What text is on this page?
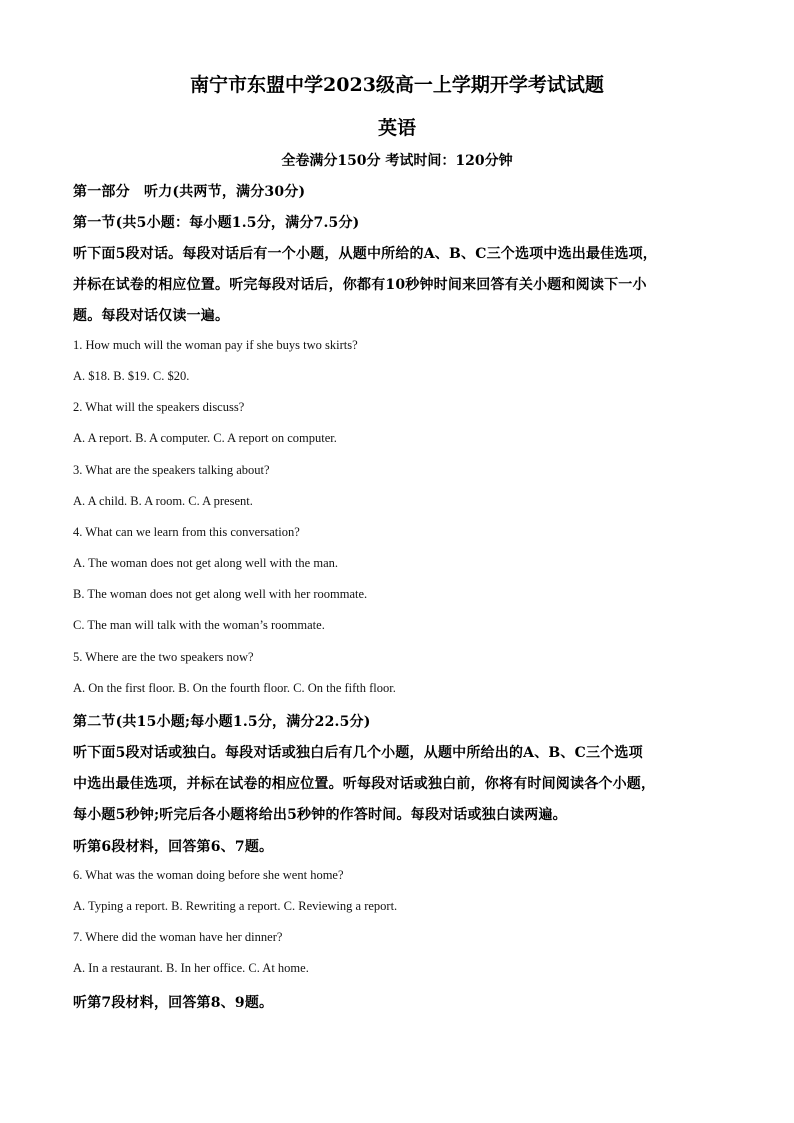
南宁市东盟中学2023级高一上学期开学考试试题
英语
全卷满分150分 考试时间：120分钟
第一部分　听力(共两节，满分30分)
第一节(共5小题：每小题1.5分，满分7.5分)
听下面5段对话。每段对话后有一个小题，从题中所给的A、B、C三个选项中选出最佳选项，
并标在试卷的相应位置。听完每段对话后，你都有10秒钟时间来回答有关小题和阅读下一小
题。每段对话仅读一遍。
1. How much will the woman pay if she buys two skirts?
A. $18. B. $19. C. $20.
2. What will the speakers discuss?
A. A report. B. A computer. C. A report on computer.
3. What are the speakers talking about?
A. A child. B. A room. C. A present.
4. What can we learn from this conversation?
A. The woman does not get along well with the man.
B. The woman does not get along well with her roommate.
C. The man will talk with the woman’s roommate.
5. Where are the two speakers now?
A. On the first floor. B. On the fourth floor. C. On the fifth floor.
第二节(共15小题;每小题1.5分，满分22.5分)
听下面5段对话或独白。每段对话或独白后有几个小题，从题中所给出的A、B、C三个选项
中选出最佳选项，并标在试卷的相应位置。听每段对话或独白前，你将有时间阅读各个小题，
每小题5秒钟;听完后各小题将给出5秒钟的作答时间。每段对话或独白读两遍。
听第6段材料，回答第6、7题。
6. What was the woman doing before she went home?
A. Typing a report. B. Rewriting a report. C. Reviewing a report.
7. Where did the woman have her dinner?
A. In a restaurant. B. In her office. C. At home.
听第7段材料，回答第8、9题。
